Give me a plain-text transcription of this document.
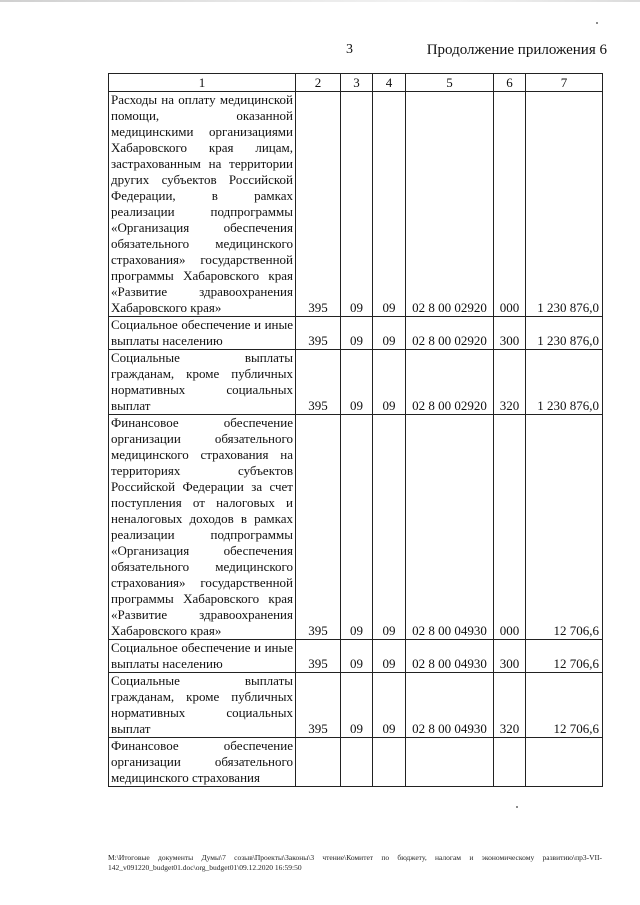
3	Продолжение приложения 6
1	2	3	4	5	6	7
Расходы на оплату медицинской помощи, оказанной медицинскими организациями Хабаровского края лицам, застрахованным на территории других субъектов Российской Федерации, в рамках реализации подпрограммы «Организация обеспечения обязательного медицинского страхования» государственной программы Хабаровского края «Развитие здравоохранения Хабаровского края»	395	09	09	02 8 00 02920	000	1 230 876,0
Социальное обеспечение и иные выплаты населению	395	09	09	02 8 00 02920	300	1 230 876,0
Социальные выплаты гражданам, кроме публичных нормативных социальных выплат	395	09	09	02 8 00 02920	320	1 230 876,0
Финансовое обеспечение организации обязательного медицинского страхования на территориях субъектов Российской Федерации за счет поступления от налоговых и неналоговых доходов в рамках реализации подпрограммы «Организация обеспечения обязательного медицинского страхования» государственной программы Хабаровского края «Развитие здравоохранения Хабаровского края»	395	09	09	02 8 00 04930	000	12 706,6
Социальное обеспечение и иные выплаты населению	395	09	09	02 8 00 04930	300	12 706,6
Социальные выплаты гражданам, кроме публичных нормативных социальных выплат	395	09	09	02 8 00 04930	320	12 706,6
Финансовое обеспечение организации обязательного медицинского страхования						
M:\Итоговые документы Думы\7 созыв\Проекты\Законы\3 чтение\Комитет по бюджету, налогам и экономическому развитию\пр3-VII-142_v091220_budget01.doc\org_budget01\09.12.2020 16:59:50
